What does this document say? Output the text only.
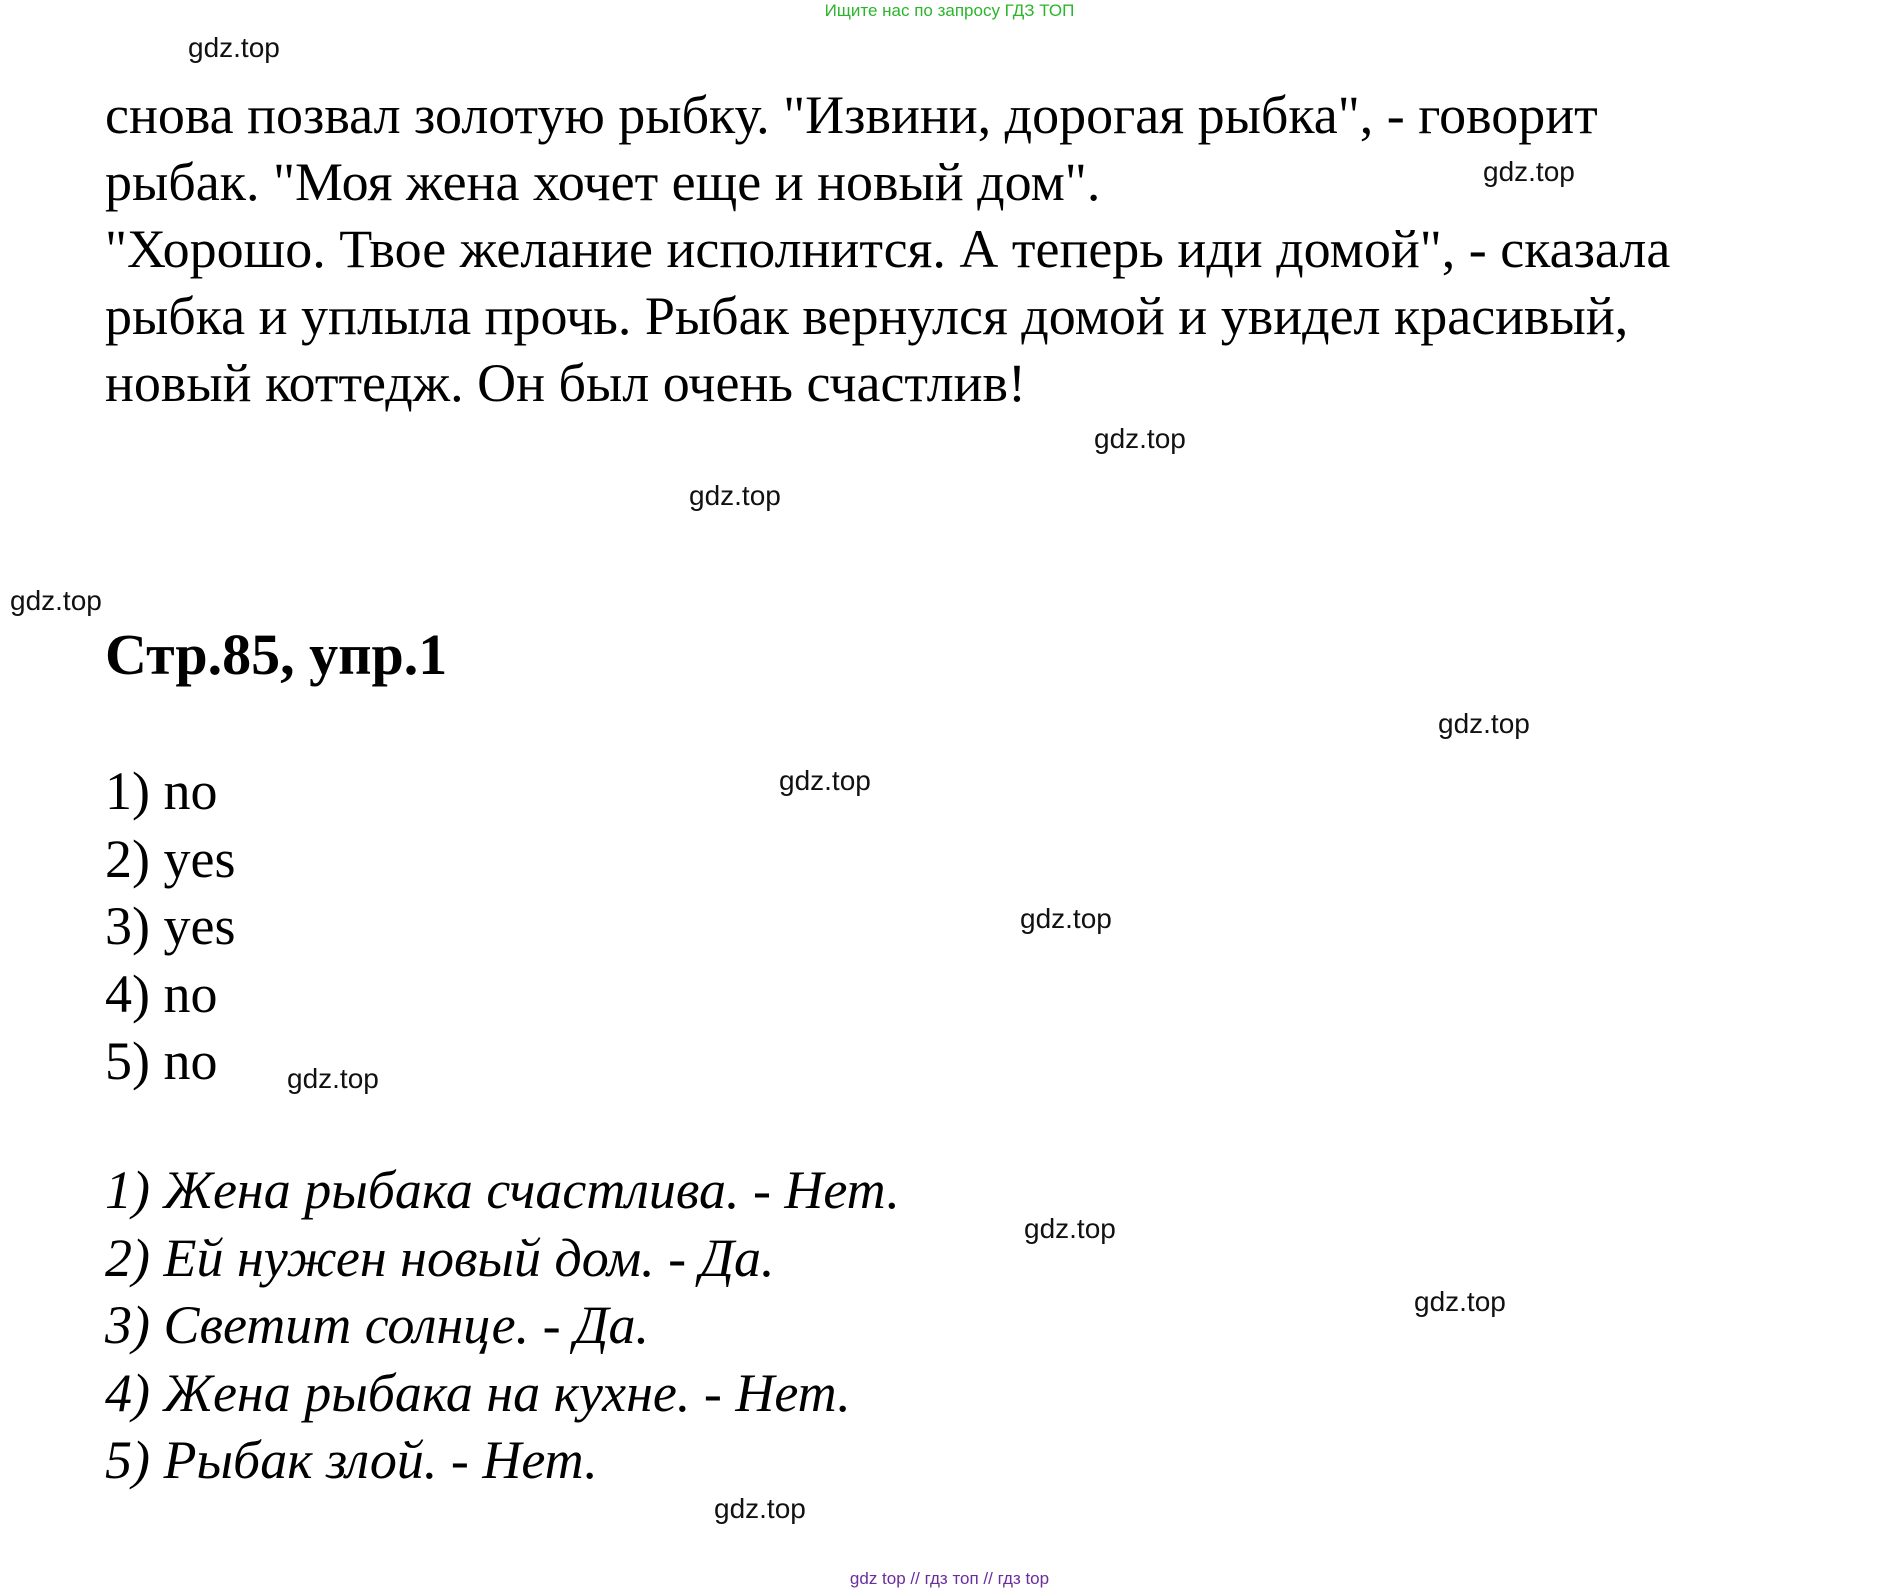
Ищите нас по запросу ГДЗ ТОП
снова позвал золотую рыбку. "Извини, дорогая рыбка", - говорит
рыбак. "Моя жена хочет еще и новый дом".
"Хорошо. Твое желание исполнится. А теперь иди домой", - сказала
рыбка и уплыла прочь. Рыбак вернулся домой и увидел красивый,
новый коттедж. Он был очень счастлив!
Стр.85, упр.1
1) no
2) yes
3) yes
4) no
5) no
1) Жена рыбака счастлива. - Нет.
2) Ей нужен новый дом. - Да.
3) Светит солнце. - Да.
4) Жена рыбака на кухне. - Нет.
5) Рыбак злой. - Нет.
gdz.top
gdz.top
gdz.top
gdz.top
gdz.top
gdz.top
gdz.top
gdz.top
gdz.top
gdz.top
gdz.top
gdz.top
gdz top // гдз топ // гдз top
